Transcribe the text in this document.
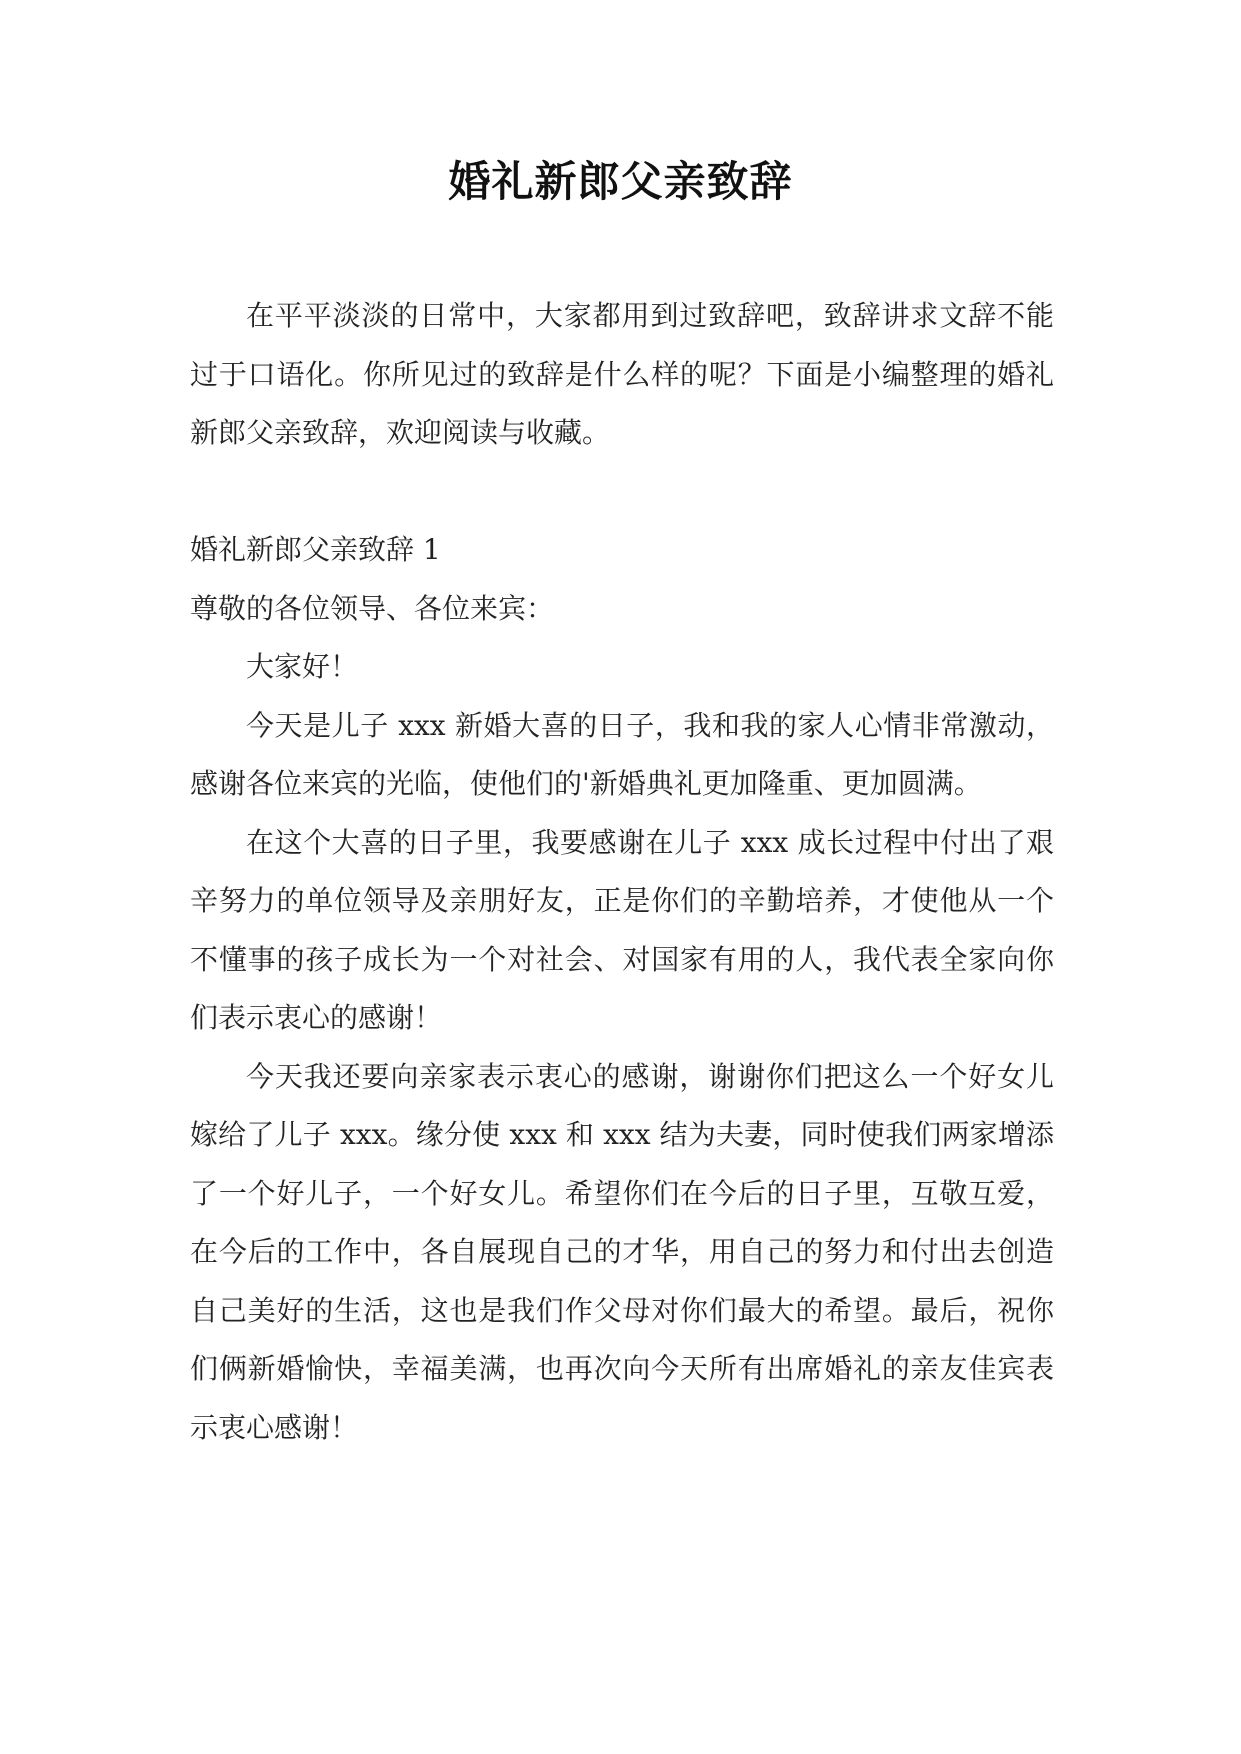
婚礼新郎父亲致辞

在平平淡淡的日常中，大家都用到过致辞吧，致辞讲求文辞不能过于口语化。你所见过的致辞是什么样的呢？下面是小编整理的婚礼新郎父亲致辞，欢迎阅读与收藏。

婚礼新郎父亲致辞 1

尊敬的各位领导、各位来宾：

大家好！

今天是儿子 xxx 新婚大喜的日子，我和我的家人心情非常激动，感谢各位来宾的光临，使他们的'新婚典礼更加隆重、更加圆满。

在这个大喜的日子里，我要感谢在儿子 xxx 成长过程中付出了艰辛努力的单位领导及亲朋好友，正是你们的辛勤培养，才使他从一个不懂事的孩子成长为一个对社会、对国家有用的人，我代表全家向你们表示衷心的感谢！

今天我还要向亲家表示衷心的感谢，谢谢你们把这么一个好女儿嫁给了儿子 xxx。缘分使 xxx 和 xxx 结为夫妻，同时使我们两家增添了一个好儿子，一个好女儿。希望你们在今后的日子里，互敬互爱，在今后的工作中，各自展现自己的才华，用自己的努力和付出去创造自己美好的生活，这也是我们作父母对你们最大的希望。最后，祝你们俩新婚愉快，幸福美满，也再次向今天所有出席婚礼的亲友佳宾表示衷心感谢！
